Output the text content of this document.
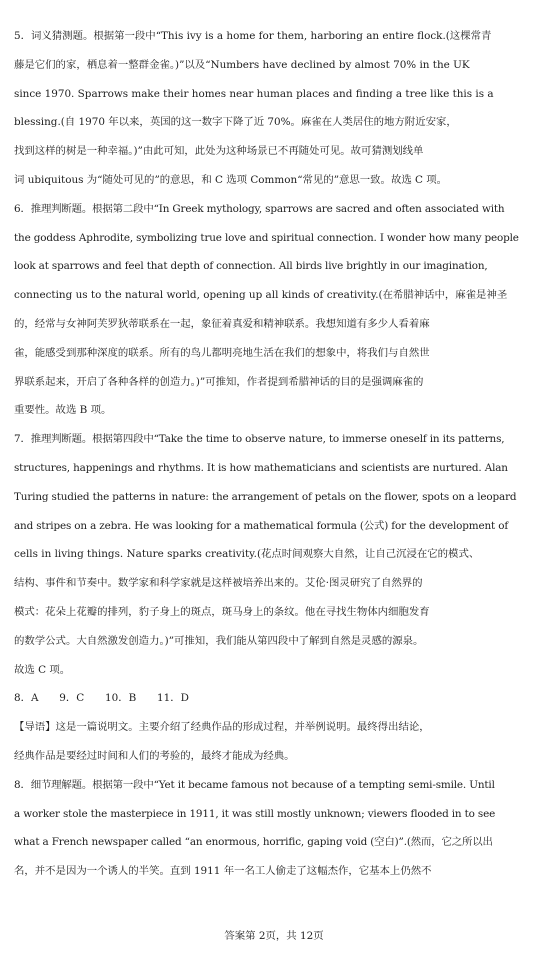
5．词义猜测题。根据第一段中“This ivy is a home for them, harboring an entire flock.(这棵常青
藤是它们的家，栖息着一整群金雀。)”以及“Numbers have declined by almost 70% in the UK
since 1970. Sparrows make their homes near human places and finding a tree like this is a
blessing.(自 1970 年以来，英国的这一数字下降了近 70%。麻雀在人类居住的地方附近安家，
找到这样的树是一种幸福。)”由此可知，此处为这种场景已不再随处可见。故可猜测划线单
词 ubiquitous 为“随处可见的”的意思，和 C 选项 Common“常见的”意思一致。故选 C 项。
6．推理判断题。根据第二段中“In Greek mythology, sparrows are sacred and often associated with
the goddess Aphrodite, symbolizing true love and spiritual connection. I wonder how many people
look at sparrows and feel that depth of connection. All birds live brightly in our imagination,
connecting us to the natural world, opening up all kinds of creativity.(在希腊神话中，麻雀是神圣
的，经常与女神阿芙罗狄蒂联系在一起，象征着真爱和精神联系。我想知道有多少人看着麻
雀，能感受到那种深度的联系。所有的鸟儿都明亮地生活在我们的想象中，将我们与自然世
界联系起来，开启了各种各样的创造力。)”可推知，作者提到希腊神话的目的是强调麻雀的
重要性。故选 B 项。
7．推理判断题。根据第四段中“Take the time to observe nature, to immerse oneself in its patterns,
structures, happenings and rhythms. It is how mathematicians and scientists are nurtured. Alan
Turing studied the patterns in nature: the arrangement of petals on the flower, spots on a leopard
and stripes on a zebra. He was looking for a mathematical formula (公式) for the development of
cells in living things. Nature sparks creativity.(花点时间观察大自然，让自己沉浸在它的模式、
结构、事件和节奏中。数学家和科学家就是这样被培养出来的。艾伦·图灵研究了自然界的
模式：花朵上花瓣的排列，豹子身上的斑点，斑马身上的条纹。他在寻找生物体内细胞发育
的数学公式。大自然激发创造力。)”可推知，我们能从第四段中了解到自然是灵感的源泉。
故选 C 项。
8．A　　9．C　　10．B　　11．D
【导语】这是一篇说明文。主要介绍了经典作品的形成过程，并举例说明。最终得出结论，
经典作品是要经过时间和人们的考验的，最终才能成为经典。
8．细节理解题。根据第一段中“Yet it became famous not because of a tempting semi-smile. Until
a worker stole the masterpiece in 1911, it was still mostly unknown; viewers flooded in to see
what a French newspaper called “an enormous, horrific, gaping void (空白)”.(然而，它之所以出
名，并不是因为一个诱人的半笑。直到 1911 年一名工人偷走了这幅杰作，它基本上仍然不
答案第 2页，共 12页
